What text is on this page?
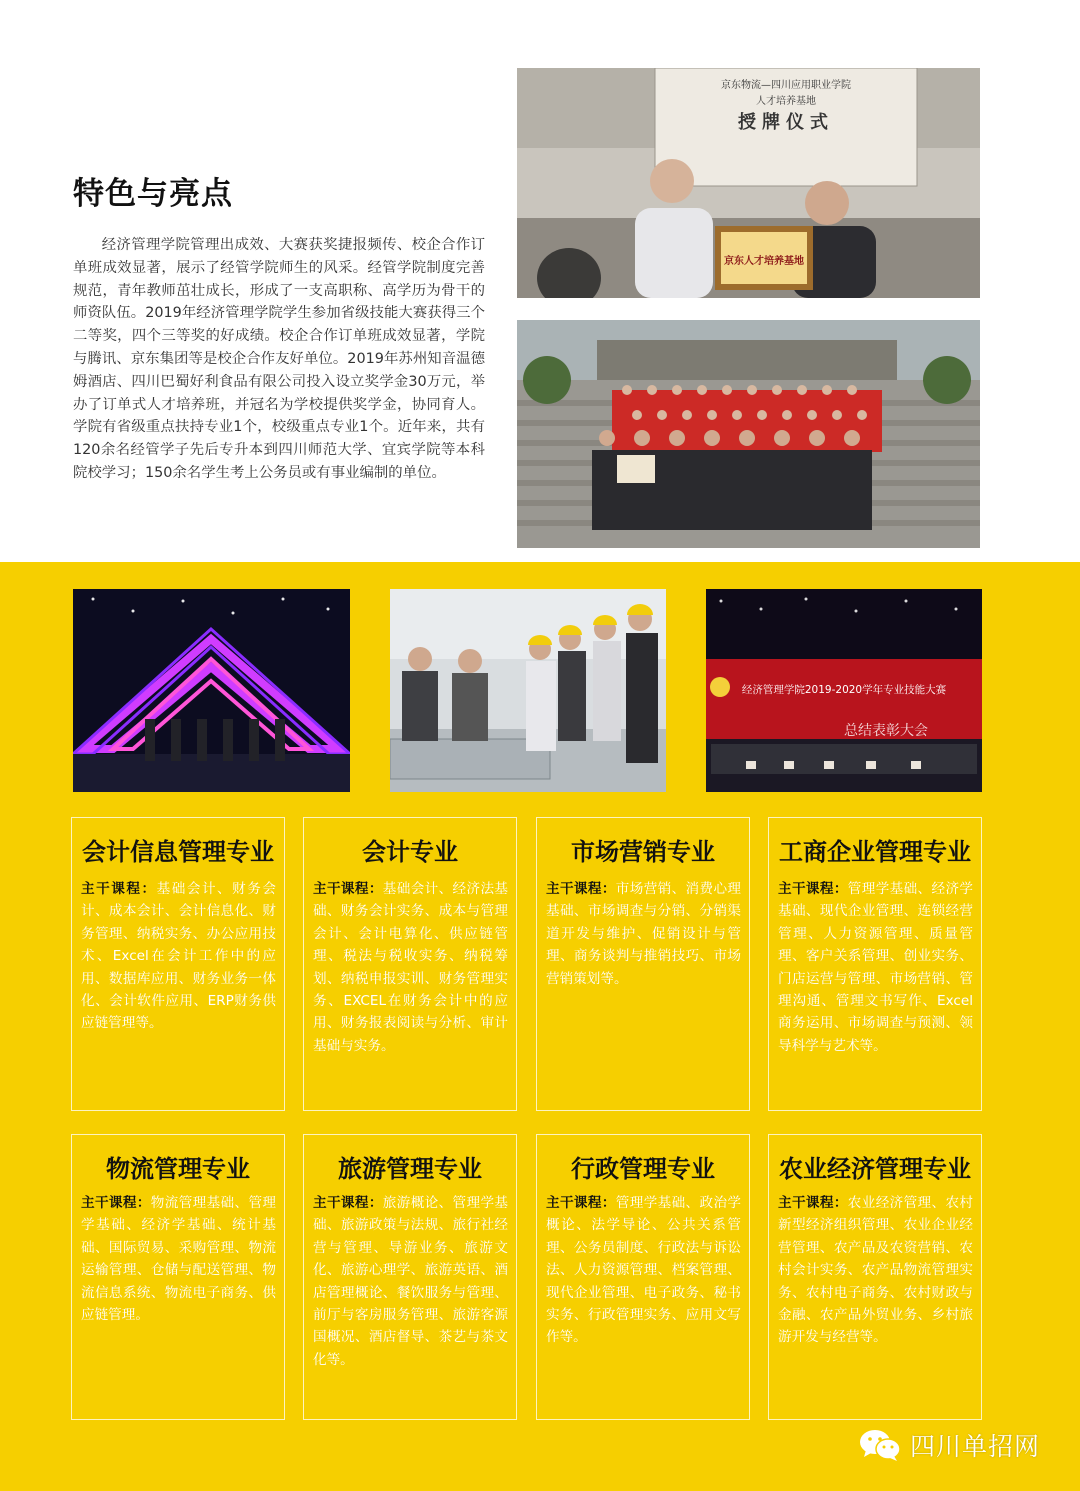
特色与亮点

经济管理学院管理出成效、大赛获奖捷报频传、校企合作订单班成效显著，展示了经管学院师生的风采。经管学院制度完善规范，青年教师茁壮成长，形成了一支高职称、高学历为骨干的师资队伍。2019年经济管理学院学生参加省级技能大赛获得三个二等奖，四个三等奖的好成绩。校企合作订单班成效显著，学院与腾讯、京东集团等是校企合作友好单位。2019年苏州知音温德姆酒店、四川巴蜀好利食品有限公司投入设立奖学金30万元，举办了订单式人才培养班，并冠名为学校提供奖学金，协同育人。学院有省级重点扶持专业1个，校级重点专业1个。近年来，共有120余名经管学子先后专升本到四川师范大学、宜宾学院等本科院校学习；150余名学生考上公务员或有事业编制的单位。

京东物流—四川应用职业学院
人才培养基地
授牌仪式
京东人才培养基地
经济管理学院2019-2020学年专业技能大赛
总结表彰大会
会计信息管理专业
主干课程：基础会计、财务会计、成本会计、会计信息化、财务管理、纳税实务、办公应用技术、Excel在会计工作中的应用、数据库应用、财务业务一体化、会计软件应用、ERP财务供应链管理等。
会计专业
主干课程：基础会计、经济法基础、财务会计实务、成本与管理会计、会计电算化、供应链管理、税法与税收实务、纳税筹划、纳税申报实训、财务管理实务、EXCEL在财务会计中的应用、财务报表阅读与分析、审计基础与实务。
市场营销专业
主干课程：市场营销、消费心理基础、市场调查与分销、分销渠道开发与维护、促销设计与管理、商务谈判与推销技巧、市场营销策划等。
工商企业管理专业
主干课程：管理学基础、经济学基础、现代企业管理、连锁经营管理、人力资源管理、质量管理、客户关系管理、创业实务、门店运营与管理、市场营销、管理沟通、管理文书写作、Excel商务运用、市场调查与预测、领导科学与艺术等。
物流管理专业
主干课程：物流管理基础、管理学基础、经济学基础、统计基础、国际贸易、采购管理、物流运输管理、仓储与配送管理、物流信息系统、物流电子商务、供应链管理。
旅游管理专业
主干课程：旅游概论、管理学基础、旅游政策与法规、旅行社经营与管理、导游业务、旅游文化、旅游心理学、旅游英语、酒店管理概论、餐饮服务与管理、前厅与客房服务管理、旅游客源国概况、酒店督导、茶艺与茶文化等。
行政管理专业
主干课程：管理学基础、政治学概论、法学导论、公共关系管理、公务员制度、行政法与诉讼法、人力资源管理、档案管理、现代企业管理、电子政务、秘书实务、行政管理实务、应用文写作等。
农业经济管理专业
主干课程：农业经济管理、农村新型经济组织管理、农业企业经营管理、农产品及农资营销、农村会计实务、农产品物流管理实务、农村电子商务、农村财政与金融、农产品外贸业务、乡村旅游开发与经营等。
四川单招网
